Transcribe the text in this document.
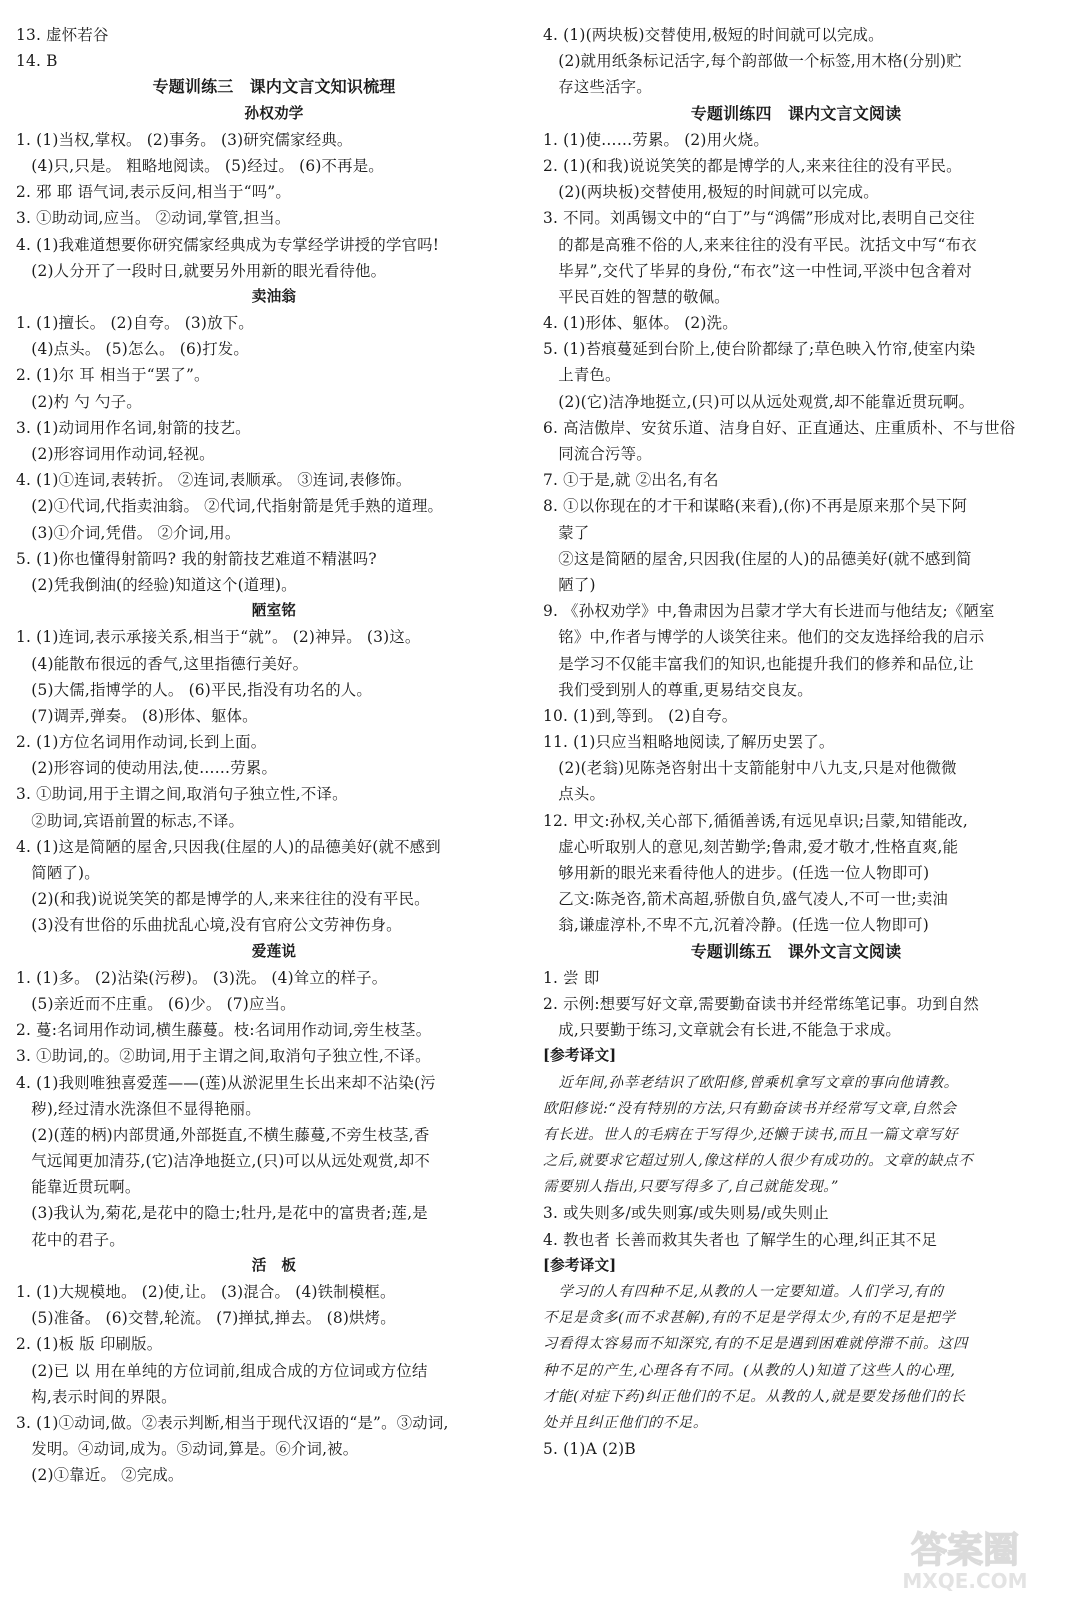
13. 虚怀若谷
14. B
专题训练三　课内文言文知识梳理
孙权劝学
1. (1)当权,掌权。 (2)事务。 (3)研究儒家经典。
(4)只,只是。 粗略地阅读。 (5)经过。 (6)不再是。
2. 邪 耶 语气词,表示反问,相当于“吗”。
3. ①助动词,应当。 ②动词,掌管,担当。
4. (1)我难道想要你研究儒家经典成为专掌经学讲授的学官吗!
(2)人分开了一段时日,就要另外用新的眼光看待他。
卖油翁
1. (1)擅长。 (2)自夸。 (3)放下。
(4)点头。 (5)怎么。 (6)打发。
2. (1)尔 耳 相当于“罢了”。
(2)杓 勺 勺子。
3. (1)动词用作名词,射箭的技艺。
(2)形容词用作动词,轻视。
4. (1)①连词,表转折。 ②连词,表顺承。 ③连词,表修饰。
(2)①代词,代指卖油翁。 ②代词,代指射箭是凭手熟的道理。
(3)①介词,凭借。 ②介词,用。
5. (1)你也懂得射箭吗? 我的射箭技艺难道不精湛吗?
(2)凭我倒油(的经验)知道这个(道理)。
陋室铭
1. (1)连词,表示承接关系,相当于“就”。 (2)神异。 (3)这。
(4)能散布很远的香气,这里指德行美好。
(5)大儒,指博学的人。 (6)平民,指没有功名的人。
(7)调弄,弹奏。 (8)形体、躯体。
2. (1)方位名词用作动词,长到上面。
(2)形容词的使动用法,使……劳累。
3. ①助词,用于主谓之间,取消句子独立性,不译。
②助词,宾语前置的标志,不译。
4. (1)这是简陋的屋舍,只因我(住屋的人)的品德美好(就不感到
简陋了)。
(2)(和我)说说笑笑的都是博学的人,来来往往的没有平民。
(3)没有世俗的乐曲扰乱心境,没有官府公文劳神伤身。
爱莲说
1. (1)多。 (2)沾染(污秽)。 (3)洗。 (4)耸立的样子。
(5)亲近而不庄重。 (6)少。 (7)应当。
2. 蔓:名词用作动词,横生藤蔓。枝:名词用作动词,旁生枝茎。
3. ①助词,的。②助词,用于主谓之间,取消句子独立性,不译。
4. (1)我则唯独喜爱莲——(莲)从淤泥里生长出来却不沾染(污
秽),经过清水洗涤但不显得艳丽。
(2)(莲的柄)内部贯通,外部挺直,不横生藤蔓,不旁生枝茎,香
气远闻更加清芬,(它)洁净地挺立,(只)可以从远处观赏,却不
能靠近贯玩啊。
(3)我认为,菊花,是花中的隐士;牡丹,是花中的富贵者;莲,是
花中的君子。
活　板
1. (1)大规模地。 (2)使,让。 (3)混合。 (4)铁制模框。
(5)准备。 (6)交替,轮流。 (7)掸拭,掸去。 (8)烘烤。
2. (1)板 版 印刷版。
(2)已 以 用在单纯的方位词前,组成合成的方位词或方位结
构,表示时间的界限。
3. (1)①动词,做。②表示判断,相当于现代汉语的“是”。③动词,
发明。④动词,成为。⑤动词,算是。⑥介词,被。
(2)①靠近。 ②完成。
4. (1)(两块板)交替使用,极短的时间就可以完成。
(2)就用纸条标记活字,每个韵部做一个标签,用木格(分别)贮
存这些活字。
专题训练四　课内文言文阅读
1. (1)使……劳累。 (2)用火烧。
2. (1)(和我)说说笑笑的都是博学的人,来来往往的没有平民。
(2)(两块板)交替使用,极短的时间就可以完成。
3. 不同。刘禹锡文中的“白丁”与“鸿儒”形成对比,表明自己交往
的都是高雅不俗的人,来来往往的没有平民。沈括文中写“布衣
毕昇”,交代了毕昇的身份,“布衣”这一中性词,平淡中包含着对
平民百姓的智慧的敬佩。
4. (1)形体、躯体。 (2)洗。
5. (1)苔痕蔓延到台阶上,使台阶都绿了;草色映入竹帘,使室内染
上青色。
(2)(它)洁净地挺立,(只)可以从远处观赏,却不能靠近贯玩啊。
6. 高洁傲岸、安贫乐道、洁身自好、正直通达、庄重质朴、不与世俗
同流合污等。
7. ①于是,就 ②出名,有名
8. ①以你现在的才干和谋略(来看),(你)不再是原来那个吴下阿
蒙了
②这是简陋的屋舍,只因我(住屋的人)的品德美好(就不感到简
陋了)
9. 《孙权劝学》中,鲁肃因为吕蒙才学大有长进而与他结友;《陋室
铭》中,作者与博学的人谈笑往来。他们的交友选择给我的启示
是学习不仅能丰富我们的知识,也能提升我们的修养和品位,让
我们受到别人的尊重,更易结交良友。
10. (1)到,等到。 (2)自夸。
11. (1)只应当粗略地阅读,了解历史罢了。
(2)(老翁)见陈尧咨射出十支箭能射中八九支,只是对他微微
点头。
12. 甲文:孙权,关心部下,循循善诱,有远见卓识;吕蒙,知错能改,
虚心听取别人的意见,刻苦勤学;鲁肃,爱才敬才,性格直爽,能
够用新的眼光来看待他人的进步。(任选一位人物即可)
乙文:陈尧咨,箭术高超,骄傲自负,盛气凌人,不可一世;卖油
翁,谦虚淳朴,不卑不亢,沉着冷静。(任选一位人物即可)
专题训练五　课外文言文阅读
1. 尝 即
2. 示例:想要写好文章,需要勤奋读书并经常练笔记事。功到自然
成,只要勤于练习,文章就会有长进,不能急于求成。
[参考译文]
近年间,孙莘老结识了欧阳修,曾乘机拿写文章的事向他请教。
欧阳修说:“没有特别的方法,只有勤奋读书并经常写文章,自然会
有长进。世人的毛病在于写得少,还懒于读书,而且一篇文章写好
之后,就要求它超过别人,像这样的人很少有成功的。文章的缺点不
需要别人指出,只要写得多了,自己就能发现。”
3. 或失则多/或失则寡/或失则易/或失则止
4. 教也者 长善而救其失者也 了解学生的心理,纠正其不足
[参考译文]
学习的人有四种不足,从教的人一定要知道。人们学习,有的
不足是贪多(而不求甚解),有的不足是学得太少,有的不足是把学
习看得太容易而不知深究,有的不足是遇到困难就停滞不前。这四
种不足的产生,心理各有不同。(从教的人)知道了这些人的心理,
才能(对症下药)纠正他们的不足。从教的人,就是要发扬他们的长
处并且纠正他们的不足。
5. (1)A (2)B
答案圈
MXQE.COM
